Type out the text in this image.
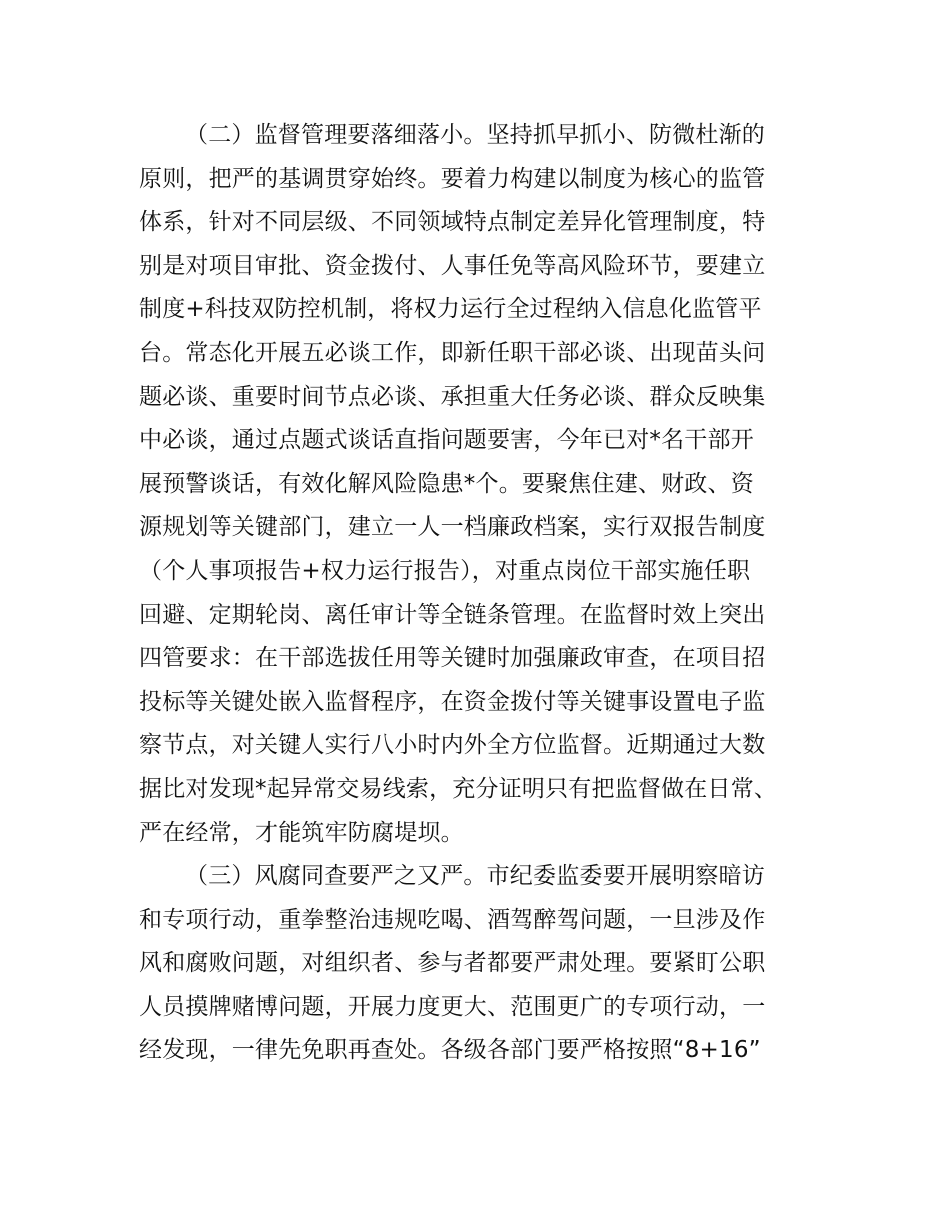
（二）监督管理要落细落小。坚持抓早抓小、防微杜渐的
原则，把严的基调贯穿始终。要着力构建以制度为核心的监管
体系，针对不同层级、不同领域特点制定差异化管理制度，特
别是对项目审批、资金拨付、人事任免等高风险环节，要建立
制度+科技双防控机制，将权力运行全过程纳入信息化监管平
台。常态化开展五必谈工作，即新任职干部必谈、出现苗头问
题必谈、重要时间节点必谈、承担重大任务必谈、群众反映集
中必谈，通过点题式谈话直指问题要害，今年已对*名干部开
展预警谈话，有效化解风险隐患*个。要聚焦住建、财政、资
源规划等关键部门，建立一人一档廉政档案，实行双报告制度
（个人事项报告+权力运行报告），对重点岗位干部实施任职
回避、定期轮岗、离任审计等全链条管理。在监督时效上突出
四管要求：在干部选拔任用等关键时加强廉政审查，在项目招
投标等关键处嵌入监督程序，在资金拨付等关键事设置电子监
察节点，对关键人实行八小时内外全方位监督。近期通过大数
据比对发现*起异常交易线索，充分证明只有把监督做在日常、
严在经常，才能筑牢防腐堤坝。
（三）风腐同查要严之又严。市纪委监委要开展明察暗访
和专项行动，重拳整治违规吃喝、酒驾醉驾问题，一旦涉及作
风和腐败问题，对组织者、参与者都要严肃处理。要紧盯公职
人员摸牌赌博问题，开展力度更大、范围更广的专项行动，一
经发现，一律先免职再查处。各级各部门要严格按照“8+16”
